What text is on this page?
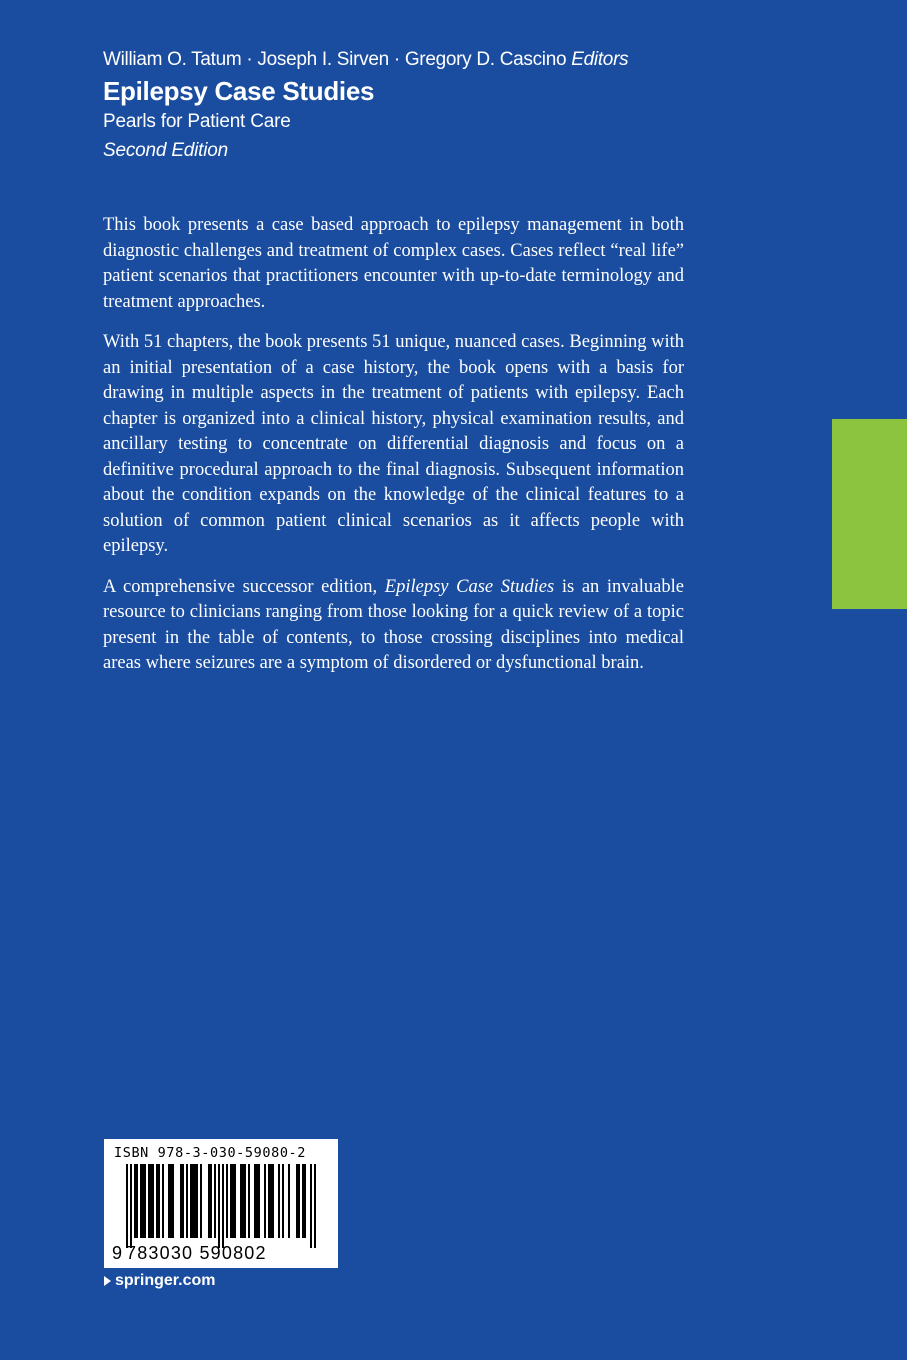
William O. Tatum · Joseph I. Sirven · Gregory D. Cascino Editors
Epilepsy Case Studies
Pearls for Patient Care
Second Edition

This book presents a case based approach to epilepsy management in both diagnostic challenges and treatment of complex cases. Cases reflect “real life” patient scenarios that practitioners encounter with up-to-date terminology and treatment approaches.

With 51 chapters, the book presents 51 unique, nuanced cases. Beginning with an initial presentation of a case history, the book opens with a basis for drawing in multiple aspects in the treatment of patients with epilepsy. Each chapter is organized into a clinical history, physical examination results, and ancillary testing to concentrate on differential diagnosis and focus on a definitive procedural approach to the final diagnosis. Subsequent information about the condition expands on the knowledge of the clinical features to a solution of common patient clinical scenarios as it affects people with epilepsy.

A comprehensive successor edition, Epilepsy Case Studies is an invaluable resource to clinicians ranging from those looking for a quick review of a topic present in the table of contents, to those crossing disciplines into medical areas where seizures are a symptom of disordered or dysfunctional brain.

ISBN 978-3-030-59080-2
9 783030 590802
springer.com
